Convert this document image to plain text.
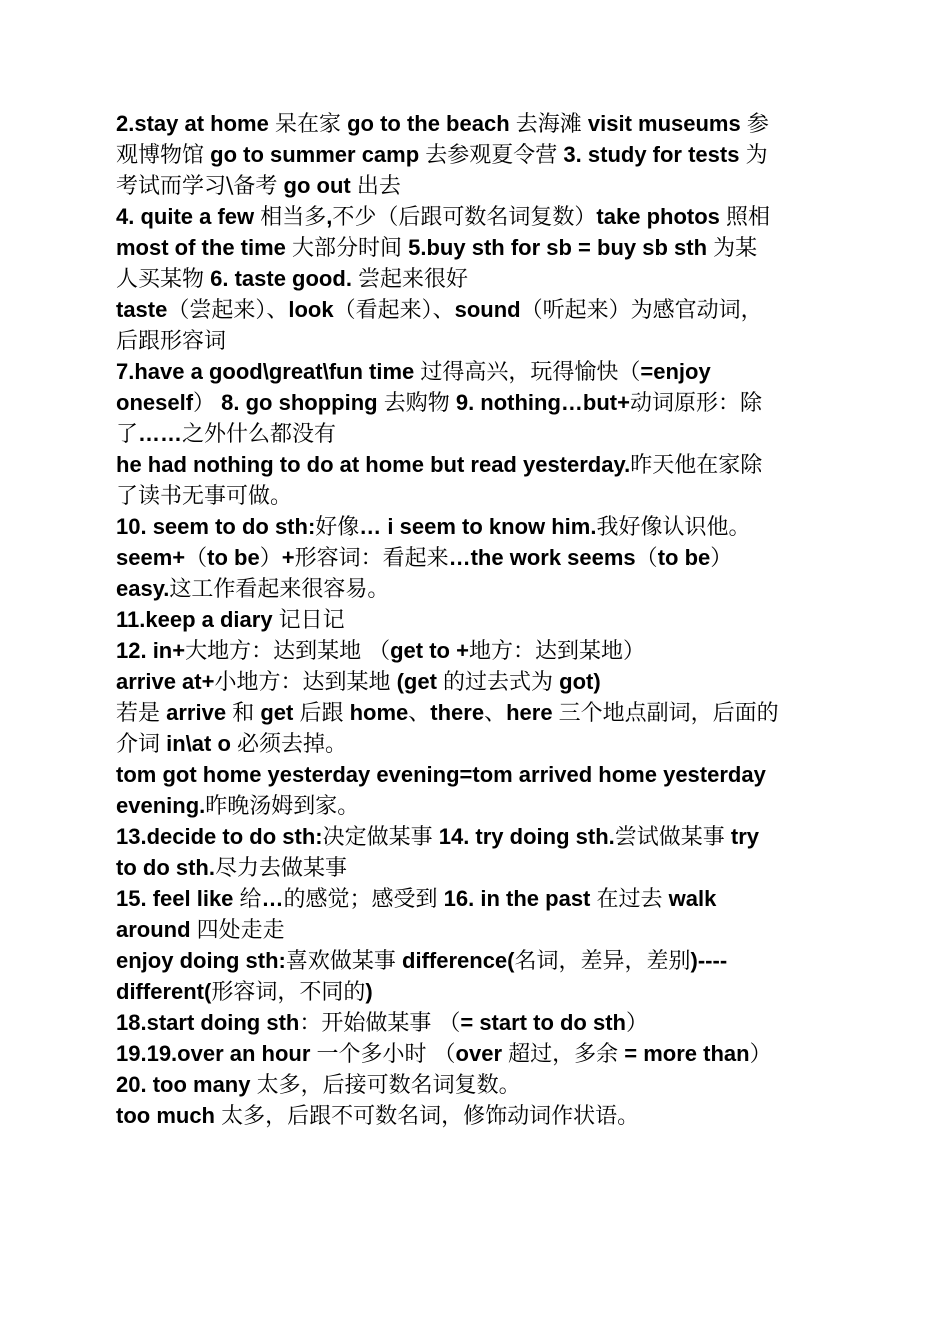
2.stay at home 呆在家 go to the beach 去海滩 visit museums 参
观博物馆 go to summer camp 去参观夏令营 3. study for tests 为
考试而学习\备考 go out 出去
4. quite a few 相当多,不少（后跟可数名词复数）take photos 照相
most of the time 大部分时间 5.buy sth for sb = buy sb sth 为某
人买某物 6. taste good. 尝起来很好
taste（尝起来）、look（看起来）、sound（听起来）为感官动词，
后跟形容词
7.have a good\great\fun time 过得高兴，玩得愉快（=enjoy
oneself） 8. go shopping 去购物 9. nothing…but+动词原形：除
了……之外什么都没有
he had nothing to do at home but read yesterday.昨天他在家除
了读书无事可做。
10. seem to do sth:好像… i seem to know him.我好像认识他。
seem+（to be）+形容词：看起来…the work seems（to be）
easy.这工作看起来很容易。
11.keep a diary 记日记
12. in+大地方：达到某地 （get to +地方：达到某地）
arrive at+小地方：达到某地 (get 的过去式为 got)
若是 arrive 和 get 后跟 home、there、here 三个地点副词，后面的
介词 in\at o 必须去掉。
tom got home yesterday evening=tom arrived home yesterday
evening.昨晚汤姆到家。
13.decide to do sth:决定做某事 14. try doing sth.尝试做某事 try
to do sth.尽力去做某事
15. feel like 给…的感觉；感受到 16. in the past 在过去 walk
around 四处走走
enjoy doing sth:喜欢做某事 difference(名词，差异，差别)----
different(形容词，不同的)
18.start doing sth：开始做某事 （= start to do sth）
19.19.over an hour 一个多小时 （over 超过，多余 = more than）
20. too many 太多，后接可数名词复数。
too much 太多，后跟不可数名词，修饰动词作状语。
